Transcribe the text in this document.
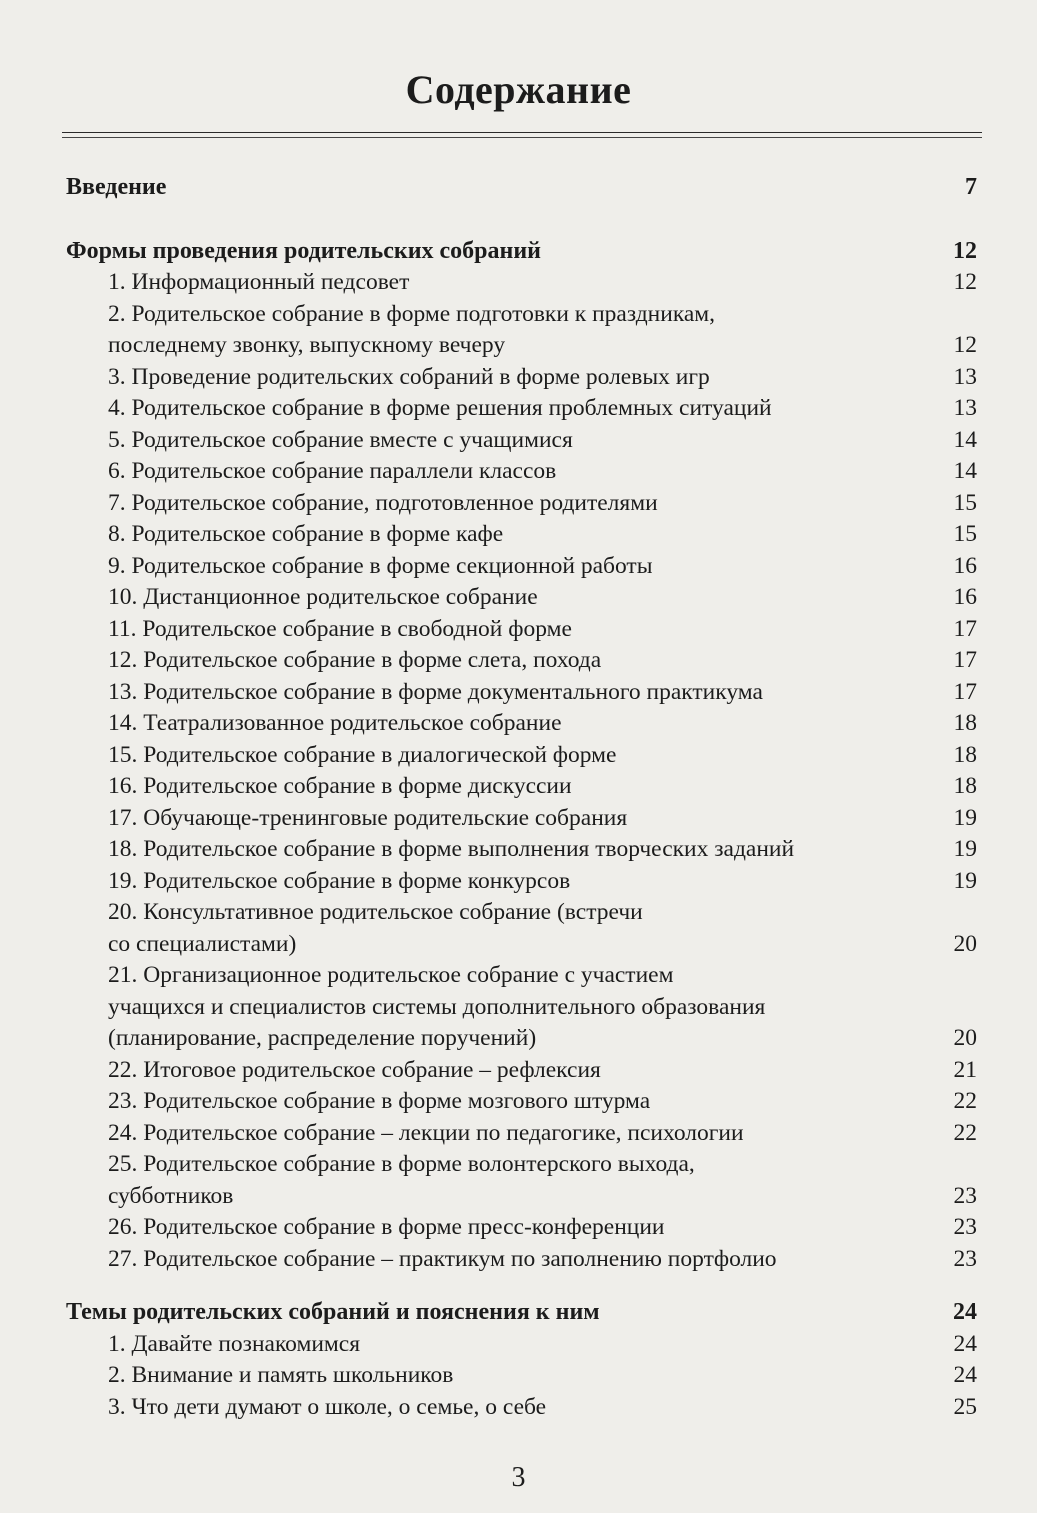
Содержание
Введение	7
Формы проведения родительских собраний	12
1. Информационный педсовет	12
2. Родительское собрание в форме подготовки к праздникам,
последнему звонку, выпускному вечеру	12
3. Проведение родительских собраний в форме ролевых игр	13
4. Родительское собрание в форме решения проблемных ситуаций	13
5. Родительское собрание вместе с учащимися	14
6. Родительское собрание параллели классов	14
7. Родительское собрание, подготовленное родителями	15
8. Родительское собрание в форме кафе	15
9. Родительское собрание в форме секционной работы	16
10. Дистанционное родительское собрание	16
11. Родительское собрание в свободной форме	17
12. Родительское собрание в форме слета, похода	17
13. Родительское собрание в форме документального практикума	17
14. Театрализованное родительское собрание	18
15. Родительское собрание в диалогической форме	18
16. Родительское собрание в форме дискуссии	18
17. Обучающе-тренинговые родительские собрания	19
18. Родительское собрание в форме выполнения творческих заданий	19
19. Родительское собрание в форме конкурсов	19
20. Консультативное родительское собрание (встречи
со специалистами)	20
21. Организационное родительское собрание с участием
учащихся и специалистов системы дополнительного образования
(планирование, распределение поручений)	20
22. Итоговое родительское собрание – рефлексия	21
23. Родительское собрание в форме мозгового штурма	22
24. Родительское собрание – лекции по педагогике, психологии	22
25. Родительское собрание в форме волонтерского выхода,
субботников	23
26. Родительское собрание в форме пресс-конференции	23
27. Родительское собрание – практикум по заполнению портфолио	23
Темы родительских собраний и пояснения к ним	24
1. Давайте познакомимся	24
2. Внимание и память школьников	24
3. Что дети думают о школе, о семье, о себе	25
3
